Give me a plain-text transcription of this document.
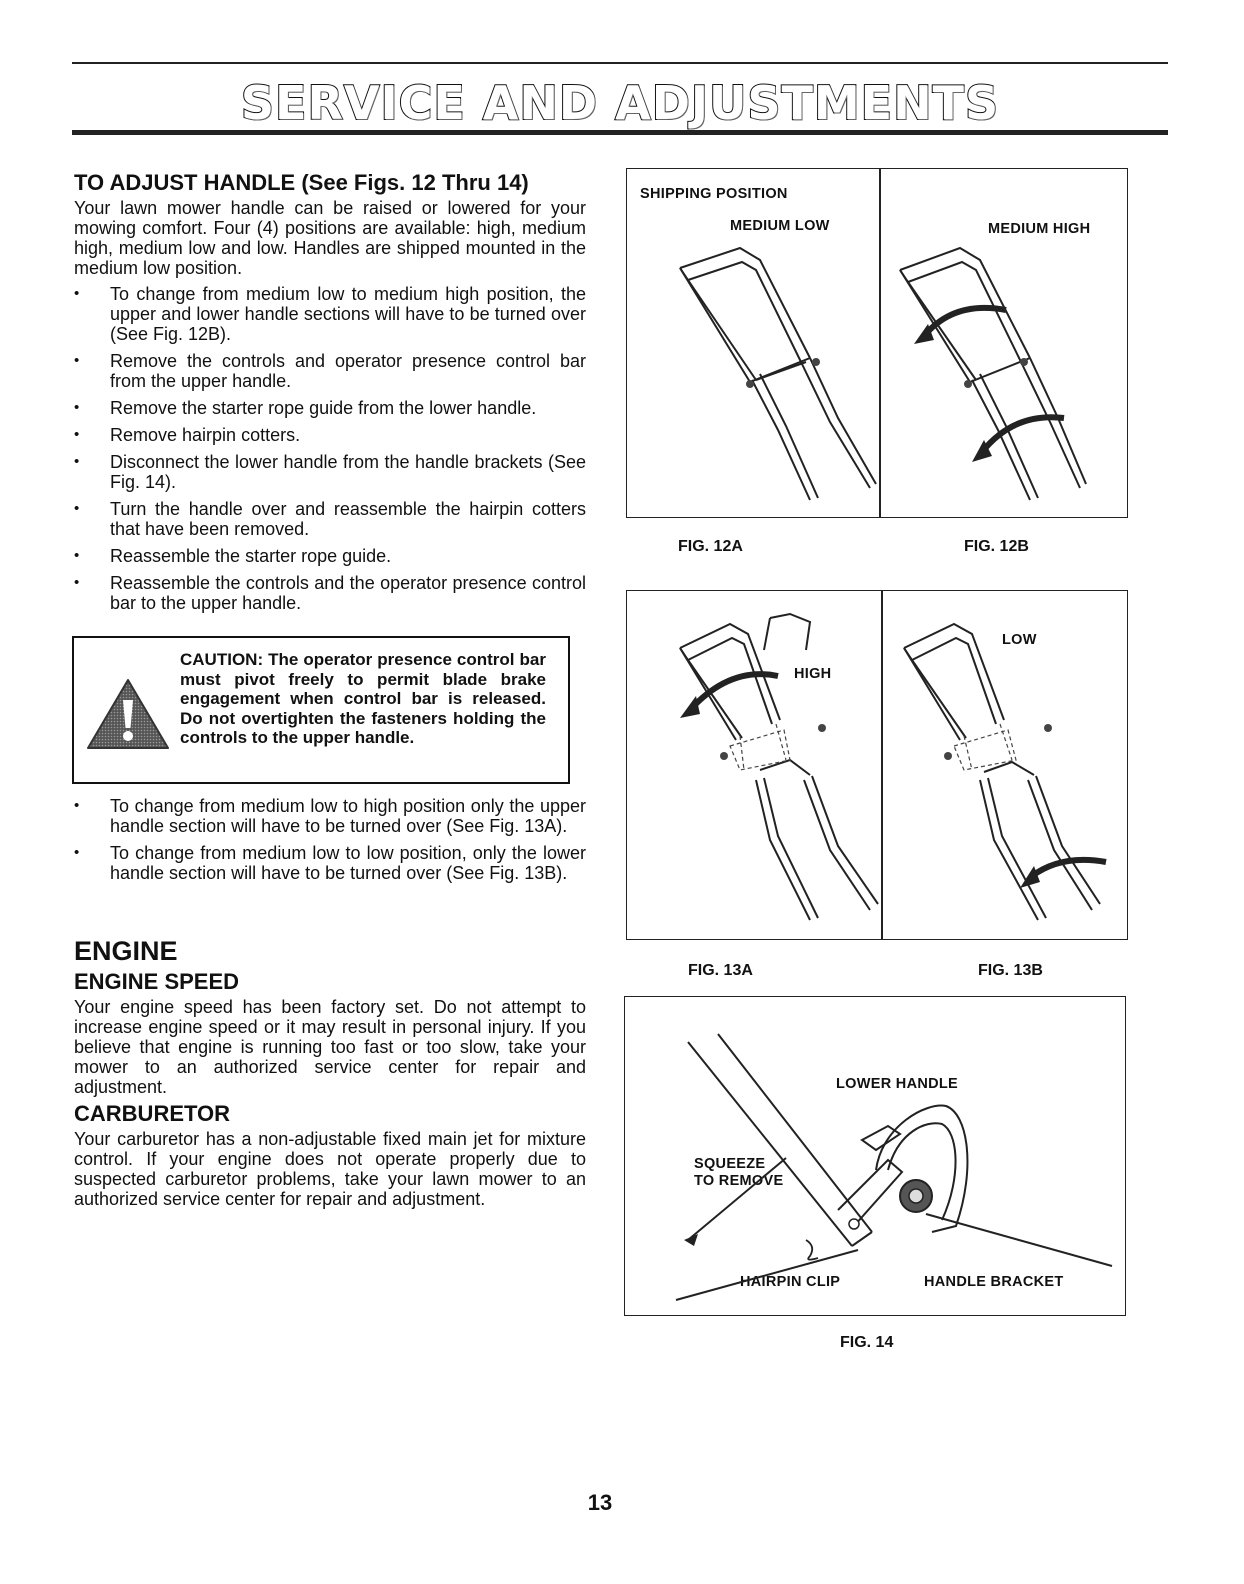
SERVICE AND ADJUSTMENTS
TO ADJUST HANDLE (See Figs. 12 Thru 14)

Your lawn mower handle can be raised or lowered for your mowing comfort. Four (4) positions are available: high, medium high, medium low and low. Handles are shipped mounted in the medium low position.

• To change from medium low to medium high position, the upper and lower handle sections will have to be turned over (See Fig. 12B).
• Remove the controls and operator presence control bar from the upper handle.
• Remove the starter rope guide from the lower handle.
• Remove hairpin cotters.
• Disconnect the lower handle from the handle brackets (See Fig. 14).
• Turn the handle over and reassemble the hairpin cotters that have been removed.
• Reassemble the starter rope guide.
• Reassemble the controls and the operator presence control bar to the upper handle.
CAUTION: The operator presence control bar must pivot freely to permit blade brake engagement when control bar is released. Do not overtighten the fasteners holding the controls to the upper handle.
• To change from medium low to high position only the upper handle section will have to be turned over (See Fig. 13A).
• To change from medium low to low position, only the lower handle section will have to be turned over (See Fig. 13B).
ENGINE
ENGINE SPEED

Your engine speed has been factory set. Do not attempt to increase engine speed or it may result in personal injury. If you believe that engine is running too fast or too slow, take your mower to an authorized service center for repair and adjustment.

CARBURETOR

Your carburetor has a non-adjustable fixed main jet for mixture control. If your engine does not operate properly due to suspected carburetor problems, take your lawn mower to an authorized service center for repair and adjustment.

SHIPPING POSITION
MEDIUM LOW	MEDIUM HIGH
FIG. 12A	FIG. 12B
HIGH
LOW
FIG. 13A	FIG. 13B
LOWER HANDLE
SQUEEZE
TO REMOVE
HAIRPIN CLIP	HANDLE BRACKET
FIG. 14
13
